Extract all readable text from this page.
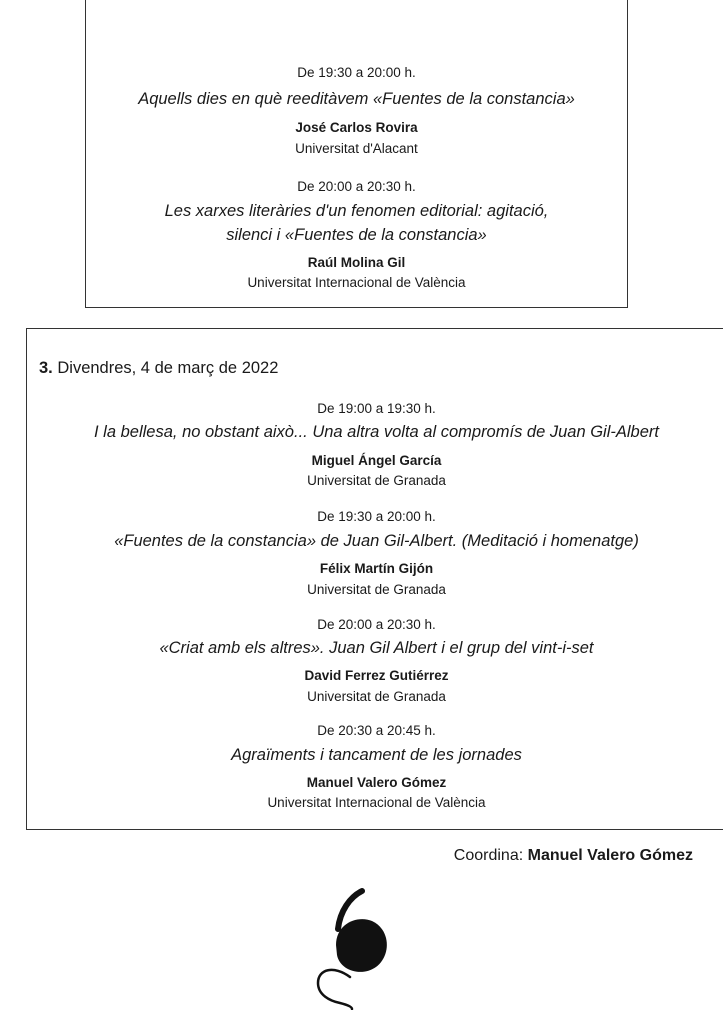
De 19:30 a 20:00 h.
Aquells dies en què reeditàvem «Fuentes de la constancia»
José Carlos Rovira
Universitat d'Alacant
De 20:00 a 20:30 h.
Les xarxes literàries d'un fenomen editorial: agitació,
silenci i «Fuentes de la constancia»
Raúl Molina Gil
Universitat Internacional de València
3. Divendres, 4 de març de 2022
De 19:00 a 19:30 h.
I la bellesa, no obstant això... Una altra volta al compromís de Juan Gil-Albert
Miguel Ángel García
Universitat de Granada
De 19:30 a 20:00 h.
«Fuentes de la constancia» de Juan Gil-Albert. (Meditació i homenatge)
Félix Martín Gijón
Universitat de Granada
De 20:00 a 20:30 h.
«Criat amb els altres». Juan Gil Albert i el grup del vint-i-set
David Ferrez Gutiérrez
Universitat de Granada
De 20:30 a 20:45 h.
Agraïments i tancament de les jornades
Manuel Valero Gómez
Universitat Internacional de València
Coordina: Manuel Valero Gómez
